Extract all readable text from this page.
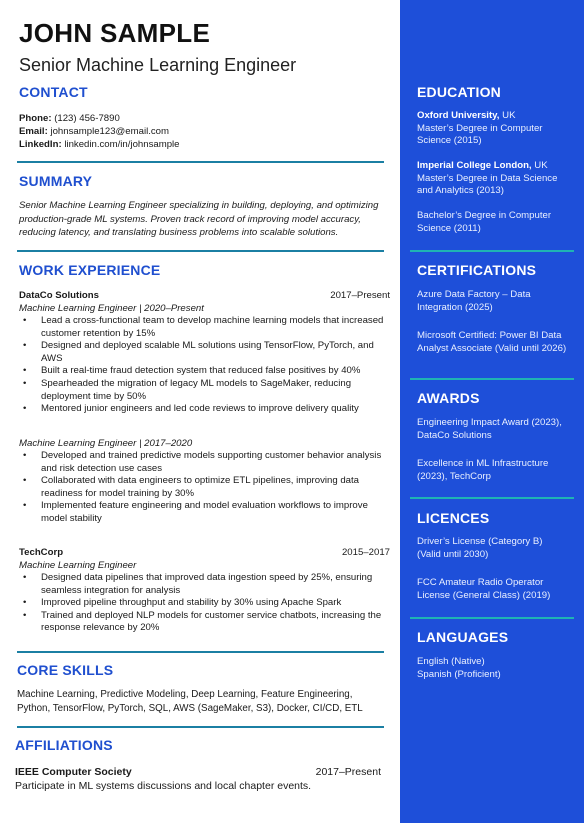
JOHN SAMPLE
Senior Machine Learning Engineer
CONTACT
Phone: (123) 456-7890
Email: johnsample123@email.com
LinkedIn: linkedin.com/in/johnsample
SUMMARY
Senior Machine Learning Engineer specializing in building, deploying, and optimizing production-grade ML systems. Proven track record of improving model accuracy, reducing latency, and translating business problems into scalable solutions.
WORK EXPERIENCE
DataCo Solutions	2017–Present
Machine Learning Engineer | 2020–Present
• Lead a cross-functional team to develop machine learning models that increased customer retention by 15%
• Designed and deployed scalable ML solutions using TensorFlow, PyTorch, and AWS
• Built a real-time fraud detection system that reduced false positives by 40%
• Spearheaded the migration of legacy ML models to SageMaker, reducing deployment time by 50%
• Mentored junior engineers and led code reviews to improve delivery quality
Machine Learning Engineer | 2017–2020
• Developed and trained predictive models supporting customer behavior analysis and risk detection use cases
• Collaborated with data engineers to optimize ETL pipelines, improving data readiness for model training by 30%
• Implemented feature engineering and model evaluation workflows to improve model stability
TechCorp	2015–2017
Machine Learning Engineer
• Designed data pipelines that improved data ingestion speed by 25%, ensuring seamless integration for analysis
• Improved pipeline throughput and stability by 30% using Apache Spark
• Trained and deployed NLP models for customer service chatbots, increasing the response relevance by 20%
CORE SKILLS
Machine Learning, Predictive Modeling, Deep Learning, Feature Engineering, Python, TensorFlow, PyTorch, SQL, AWS (SageMaker, S3), Docker, CI/CD, ETL
AFFILIATIONS
IEEE Computer Society	2017–Present
Participate in ML systems discussions and local chapter events.
EDUCATION
Oxford University, UK
Master’s Degree in Computer Science (2015)
Imperial College London, UK
Master’s Degree in Data Science and Analytics (2013)
Bachelor’s Degree in Computer Science (2011)
CERTIFICATIONS
Azure Data Factory – Data Integration (2025)
Microsoft Certified: Power BI Data Analyst Associate (Valid until 2026)
AWARDS
Engineering Impact Award (2023), DataCo Solutions
Excellence in ML Infrastructure (2023), TechCorp
LICENCES
Driver’s License (Category B) (Valid until 2030)
FCC Amateur Radio Operator License (General Class) (2019)
LANGUAGES
English (Native)
Spanish (Proficient)
